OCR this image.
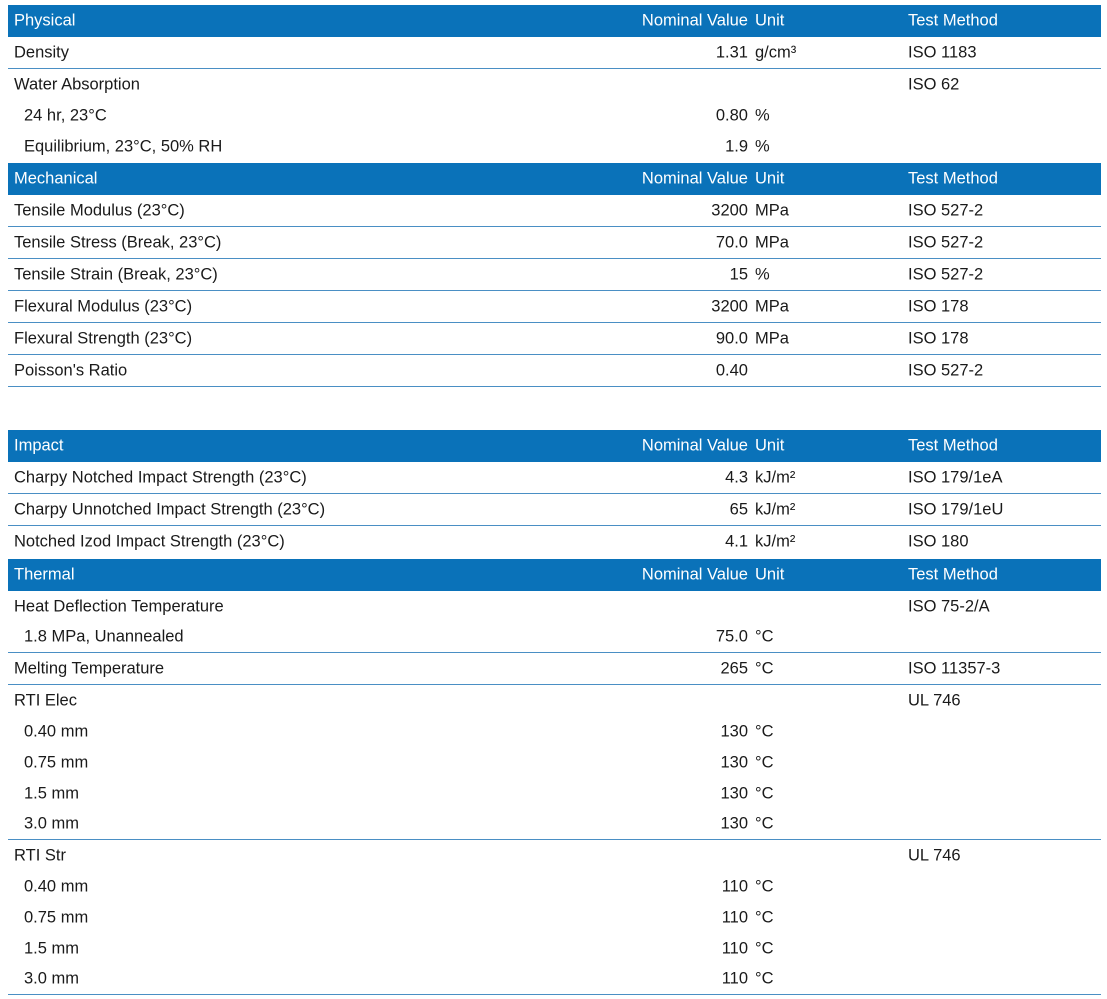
Physical	Nominal Value Unit	Test Method
Density	1.31 g/cm³	ISO 1183
Water Absorption	ISO 62
24 hr, 23°C	0.80 %
Equilibrium, 23°C, 50% RH	1.9 %
Mechanical	Nominal Value Unit	Test Method
Tensile Modulus (23°C)	3200 MPa	ISO 527-2
Tensile Stress (Break, 23°C)	70.0 MPa	ISO 527-2
Tensile Strain (Break, 23°C)	15 %	ISO 527-2
Flexural Modulus (23°C)	3200 MPa	ISO 178
Flexural Strength (23°C)	90.0 MPa	ISO 178
Poisson's Ratio	0.40	ISO 527-2
Impact	Nominal Value Unit	Test Method
Charpy Notched Impact Strength (23°C)	4.3 kJ/m²	ISO 179/1eA
Charpy Unnotched Impact Strength (23°C)	65 kJ/m²	ISO 179/1eU
Notched Izod Impact Strength (23°C)	4.1 kJ/m²	ISO 180
Thermal	Nominal Value Unit	Test Method
Heat Deflection Temperature	ISO 75-2/A
1.8 MPa, Unannealed	75.0 °C
Melting Temperature	265 °C	ISO 11357-3
RTI Elec	UL 746
0.40 mm	130 °C
0.75 mm	130 °C
1.5 mm	130 °C
3.0 mm	130 °C
RTI Str	UL 746
0.40 mm	110 °C
0.75 mm	110 °C
1.5 mm	110 °C
3.0 mm	110 °C
